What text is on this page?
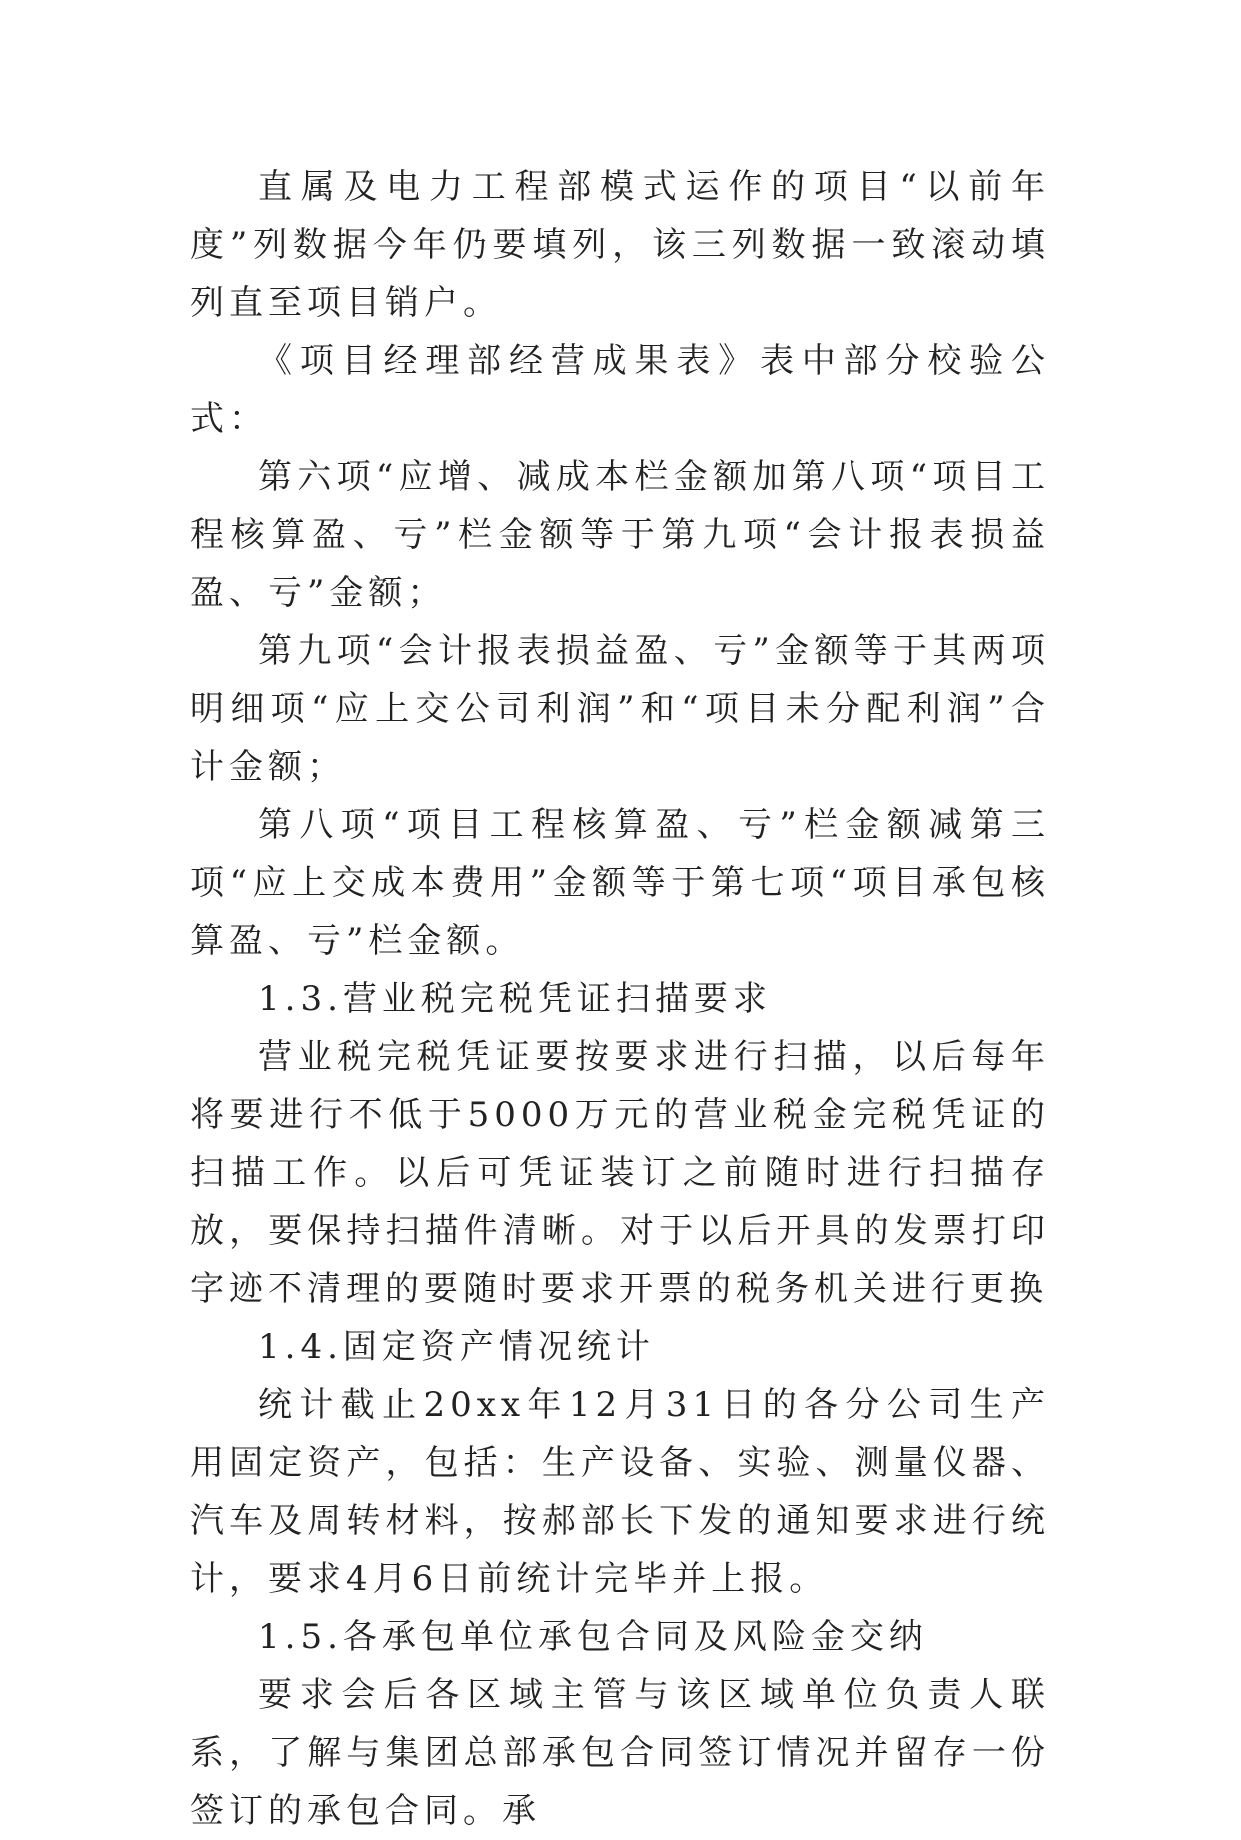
直属及电力工程部模式运作的项目“以前年度”列数据今年仍要填列，该三列数据一致滚动填列直至项目销户。

《项目经理部经营成果表》表中部分校验公式：

第六项“应增、减成本栏金额加第八项“项目工程核算盈、亏”栏金额等于第九项“会计报表损益盈、亏”金额；

第九项“会计报表损益盈、亏”金额等于其两项明细项“应上交公司利润”和“项目未分配利润”合计金额；

第八项“项目工程核算盈、亏”栏金额减第三项“应上交成本费用”金额等于第七项“项目承包核算盈、亏”栏金额。

1.3.营业税完税凭证扫描要求

营业税完税凭证要按要求进行扫描，以后每年将要进行不低于5000万元的营业税金完税凭证的扫描工作。以后可凭证装订之前随时进行扫描存放，要保持扫描件清晰。对于以后开具的发票打印字迹不清理的要随时要求开票的税务机关进行更换

1.4.固定资产情况统计

统计截止20xx年12月31日的各分公司生产用固定资产，包括：生产设备、实验、测量仪器、汽车及周转材料，按郝部长下发的通知要求进行统计，要求4月6日前统计完毕并上报。

1.5.各承包单位承包合同及风险金交纳

要求会后各区域主管与该区域单位负责人联系，了解与集团总部承包合同签订情况并留存一份签订的承包合同。承
